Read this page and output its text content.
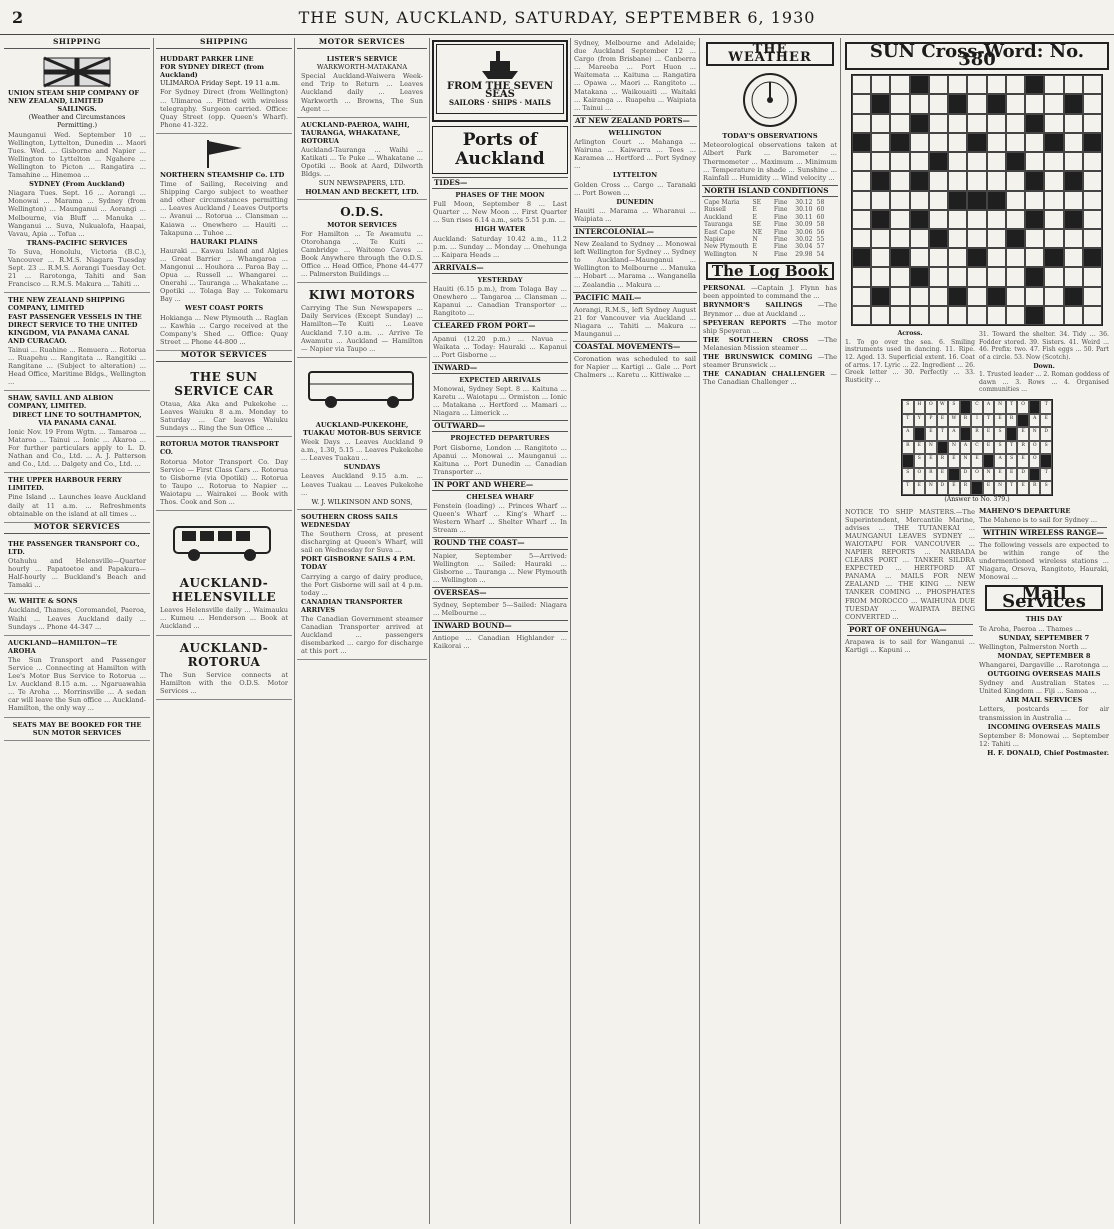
2	THE SUN, AUCKLAND, SATURDAY, SEPTEMBER 6, 1930
SHIPPING
UNION STEAM SHIP COMPANY OF NEW ZEALAND, LIMITED
SAILINGS.
(Weather and Circumstances Permitting.)

Maunganui Wed. September 10 ... Wellington, Lyttelton, Dunedin ... Maori Tues. Wed. ... Gisborne and Napier ... Wellington to Lyttelton ... Ngahere ... Wellington to Picton ... Rangatira ... Tamahine ... Hinemoa ...

SYDNEY (From Auckland)

Niagara Tues. Sept. 16 ... Aorangi ... Monowai ... Marama ... Sydney (from Wellington) ... Maunganui ... Aorangi ... Melbourne, via Bluff ... Manuka ... Wanganui ... Suva, Nukualofa, Haapai, Vavau, Apia ... Tofua ...

TRANS-PACIFIC SERVICES

To Suva, Honolulu, Victoria (B.C.), Vancouver ... R.M.S. Niagara Tuesday Sept. 23 ... R.M.S. Aorangi Tuesday Oct. 21 ... Rarotonga, Tahiti and San Francisco ... R.M.S. Makura ... Tahiti ...

THE NEW ZEALAND SHIPPING COMPANY, LIMITED
FAST PASSENGER VESSELS IN THE DIRECT SERVICE TO THE UNITED KINGDOM, VIA PANAMA CANAL AND CURACAO.

Tainui ... Ruahine ... Remuera ... Rotorua ... Ruapehu ... Rangitata ... Rangitiki ... Rangitane ... (Subject to alteration) ... Head Office, Maritime Bldgs., Wellington ...

SHAW, SAVILL AND ALBION COMPANY, LIMITED.
DIRECT LINE TO SOUTHAMPTON, VIA PANAMA CANAL

Ionic Nov. 19 From Wgtn. ... Tamaroa ... Mataroa ... Tainui ... Ionic ... Akaroa ... For further particulars apply to L. D. Nathan and Co., Ltd. ... A. J. Patterson and Co., Ltd. ... Dalgety and Co., Ltd. ...

THE UPPER HARBOUR FERRY LIMITED.

Pine Island ... Launches leave Auckland daily at 11 a.m. ... Refreshments obtainable on the island at all times ...

MOTOR SERVICES
THE PASSENGER TRANSPORT CO., LTD.

Otahuhu and Helensville—Quarter hourly ... Papatoetoe and Papakura—Half-hourly ... Buckland's Beach and Tamaki ...

W. WHITE & SONS

Auckland, Thames, Coromandel, Paeroa, Waihi ... Leaves Auckland daily ... Sundays ... Phone 44-347 ...

AUCKLAND—HAMILTON—TE AROHA

The Sun Transport and Passenger Service ... Connecting at Hamilton with Lee's Motor Bus Service to Rotorua ... Lv. Auckland 8.15 a.m. ... Ngaruawahia ... Te Aroha ... Morrinsville ... A sedan car will leave the Sun office ... Auckland-Hamilton, the only way ...

SEATS MAY BE BOOKED FOR THE SUN MOTOR SERVICES
SHIPPING
HUDDART PARKER LINE
FOR SYDNEY DIRECT (from Auckland)
ULIMAROA Friday Sept. 19 11 a.m.

For Sydney Direct (from Wellington) ... Ulimaroa ... Fitted with wireless telegraphy. Surgeon carried. Office: Quay Street (opp. Queen's Wharf). Phone 41-322.

NORTHERN STEAMSHIP Co. LTD

Time of Sailing, Receiving and Shipping Cargo subject to weather and other circumstances permitting ... Leaves Auckland / Leaves Outports ... Avanui ... Rotorua ... Clansman ... Kaiawa ... Onewhero ... Hauiti ... Takapuna ... Tuhoe ...

HAURAKI PLAINS

Hauraki ... Kawau Island and Algies ... Great Barrier ... Whangaroa ... Mangonui ... Houhora ... Paroa Bay ... Opua ... Russell ... Whangarei ... Onerahi ... Tauranga ... Whakatane ... Opotiki ... Tolaga Bay ... Tokomaru Bay ...

WEST COAST PORTS

Hokianga ... New Plymouth ... Raglan ... Kawhia ... Cargo received at the Company's Shed ... Office: Quay Street ... Phone 44-800 ...

MOTOR SERVICES
THE SUN SERVICE CAR

Otaua, Aka Aka and Pukekohe ... Leaves Waiuku 8 a.m. Monday to Saturday ... Car leaves Waiuku Sundays ... Ring the Sun Office ...

ROTORUA MOTOR TRANSPORT CO.

Rotorua Motor Transport Co. Day Service — First Class Cars ... Rotorua to Gisborne (via Opotiki) ... Rotorua to Taupo ... Rotorua to Napier ... Waiotapu ... Wairakei ... Book with Thos. Cook and Son ...

AUCKLAND-HELENSVILLE

Leaves Helensville daily ... Waimauku ... Kumeu ... Henderson ... Book at Auckland ...

AUCKLAND-ROTORUA

The Sun Service connects at Hamilton with the O.D.S. Motor Services ...

MOTOR SERVICES
LISTER'S SERVICE
WARKWORTH-MATAKANA

Special Auckland-Waiwera Week-end Trip to Return ... Leaves Auckland daily ... Leaves Warkworth ... Browns, The Sun Agent ...

AUCKLAND-PAEROA, WAIHI, TAURANGA, WHAKATANE, ROTORUA

Auckland-Tauranga ... Waihi ... Katikati ... Te Puke ... Whakatane ... Opotiki ... Book at Aard, Dilworth Bldgs. ...

SUN NEWSPAPERS, LTD.
HOLMAN AND BECKETT, LTD.
O.D.S.
MOTOR SERVICES

For Hamilton ... Te Awamutu ... Otorohanga ... Te Kuiti ... Cambridge ... Waitomo Caves ... Book Anywhere through the O.D.S. Office ... Head Office, Phone 44-477 ... Palmerston Buildings ...

KIWI MOTORS

Carrying The Sun Newspapers ... Daily Services (Except Sunday) ... Hamilton—Te Kuiti ... Leave Auckland 7.10 a.m. ... Arrive Te Awamutu ... Auckland — Hamilton — Napier via Taupo ...

AUCKLAND-PUKEKOHE, TUAKAU MOTOR-BUS SERVICE

Week Days ... Leaves Auckland 9 a.m., 1.30, 5.15 ... Leaves Pukekohe ... Leaves Tuakau ...

SUNDAYS

Leaves Auckland 9.15 a.m. ... Leaves Tuakau ... Leaves Pukekohe ...

W. J. WILKINSON AND SONS,
SOUTHERN CROSS SAILS WEDNESDAY

The Southern Cross, at present discharging at Queen's Wharf, will sail on Wednesday for Suva ...

PORT GISBORNE SAILS 4 P.M. TODAY

Carrying a cargo of dairy produce, the Port Gisborne will sail at 4 p.m. today ...

CANADIAN TRANSPORTER ARRIVES

The Canadian Government steamer Canadian Transporter arrived at Auckland ... passengers disembarked ... cargo for discharge at this port ...

FROM THE SEVEN SEAS
SAILORS · SHIPS · MAILS
Ports of
Auckland
TIDES—
PHASES OF THE MOON

Full Moon, September 8 ... Last Quarter ... New Moon ... First Quarter ... Sun rises 6.14 a.m., sets 5.51 p.m. ...

HIGH WATER

Auckland: Saturday 10.42 a.m., 11.2 p.m. ... Sunday ... Monday ... Onehunga ... Kaipara Heads ...

ARRIVALS—
YESTERDAY

Hauiti (6.15 p.m.), from Tolaga Bay ... Onewhero ... Tangaroa ... Clansman ... Kapanui ... Canadian Transporter ... Rangitoto ...

CLEARED FROM PORT—

Apanui (12.20 p.m.) ... Navua ... Waikata ... Today: Hauraki ... Kapanui ... Port Gisborne ...

INWARD—
EXPECTED ARRIVALS

Monowai, Sydney Sept. 8 ... Kaituna ... Karetu ... Waiotapu ... Ormiston ... Ionic ... Matakana ... Hertford ... Mamari ... Niagara ... Limerick ...

OUTWARD—
PROJECTED DEPARTURES

Port Gisborne, London ... Rangitoto ... Apanui ... Monowai ... Maunganui ... Kaituna ... Port Dunedin ... Canadian Transporter ...

IN PORT AND WHERE—
CHELSEA WHARF

Fenstein (loading) ... Princes Wharf ... Queen's Wharf ... King's Wharf ... Western Wharf ... Shelter Wharf ... In Stream ...

ROUND THE COAST—

Napier, September 5—Arrived: Wellington ... Sailed: Hauraki ... Gisborne ... Tauranga ... New Plymouth ... Wellington ...

OVERSEAS—

Sydney, September 5—Sailed: Niagara ... Melbourne ...

INWARD BOUND—

Antiope ... Canadian Highlander ... Kaikorai ...

Sydney, Melbourne and Adelaide; due Auckland September 12 ... Cargo (from Brisbane) ... Canberra ... Mareeba ... Port Huon ... Waitemata ... Kaituna ... Rangatira ... Opawa ... Maori ... Rangitoto ... Matakana ... Waikouaiti ... Waitaki ... Kairanga ... Ruapehu ... Waipiata ... Tainui ...

AT NEW ZEALAND PORTS—
WELLINGTON

Arlington Court ... Mahanga ... Wairuna ... Kaiwarra ... Tees ... Karamea ... Hertford ... Port Sydney ...

LYTTELTON

Golden Cross ... Cargo ... Taranaki ... Port Bowen ...

DUNEDIN

Hauiti ... Marama ... Wharanui ... Waipiata ...

INTERCOLONIAL—

New Zealand to Sydney ... Monowai left Wellington for Sydney ... Sydney to Auckland—Maunganui ... Wellington to Melbourne ... Manuka ... Hobart ... Marama ... Wanganella ... Zealandia ... Makura ...

PACIFIC MAIL—

Aorangi, R.M.S., left Sydney August 21 for Vancouver via Auckland ... Niagara ... Tahiti ... Makura ... Maunganui ...

COASTAL MOVEMENTS—

Coronation was scheduled to sail for Napier ... Kartigi ... Gale ... Port Chalmers ... Karetu ... Kittiwake ...

THE WEATHER
TODAY'S OBSERVATIONS

Meteorological observations taken at Albert Park ... Barometer ... Thermometer ... Maximum ... Minimum ... Temperature in shade ... Sunshine ... Rainfall ... Humidity ... Wind velocity ...

NORTH ISLAND CONDITIONS
Cape Maria	SE	Fine	30.12 58
Russell	E	Fine	30.10 60
Auckland	E	Fine	30.11 60
Tauranga	SE	Fine	30.09 58
East Cape	NE	Fine	30.06 56
Napier	N	Fine	30.02 55
New Plymouth E	Fine	30.04 57
Wellington	N	Fine	29.98 54
The Log Book

PERSONAL —Captain J. Flynn has been appointed to command the ...

BRYNMOR'S SAILINGS —The Brynmor ... due at Auckland ...

SPEYERAN REPORTS —The motor ship Speyeran ...

THE SOUTHERN CROSS —The Melanesian Mission steamer ...

THE BRUNSWICK COMING —The steamer Brunswick ...

THE CANADIAN CHALLENGER —The Canadian Challenger ...

SUN Cross-Word: No. 380
Across.

1. To go over the sea. 6. Smiling instruments used in dancing. 11. Ripe. 12. Aged. 13. Superficial extent. 16. Coat of arms. 17. Lyric ... 22. Ingredient ... 26. Greek letter ... 30. Perfectly ... 33. Rusticity ...

31. Toward the shelter. 34. Tidy ... 36. Fodder stored. 39. Sisters. 41. Weird ... 46. Prefix: two. 47. Fish eggs ... 50. Part of a circle. 53. Now (Scotch).

Down.

1. Trusted leader ... 2. Roman goddess of dawn ... 3. Rows ... 4. Organised communities ...

S	H	O	W	S	C	A	N	T	O	T
T	Y	P	E	W	R	I	T	E	R	A	E
A	E	T	A	R	E	S	E	N	D
R	E	N	N	A	C	E	S	T	R	O	S
S	E	R	E	N	E	A	S	E	O
S	O	R	E	D	O	N	E	E	D	T
T	E	N	D	E	R	E	N	T	E	R	S
(Answer to No. 379.)

NOTICE TO SHIP MASTERS.—The Superintendent, Mercantile Marine, advises ... THE TUTANEKAI ... MAUNGANUI LEAVES SYDNEY ... WAIOTAPU FOR VANCOUVER ... NAPIER REPORTS ... NARBADA CLEARS PORT ... TANKER SILDRA EXPECTED ... HERTFORD AT PANAMA ... MAILS FOR NEW ZEALAND ... THE KING ... NEW TANKER COMING ... PHOSPHATES FROM MOROCCO ... WAIHUNA DUE TUESDAY ... WAIPATA BEING CONVERTED ...

PORT OF ONEHUNGA—

Arapawa is to sail for Wanganui ... Kartigi ... Kapuni ...

MAHENO'S DEPARTURE

The Maheno is to sail for Sydney ...

WITHIN WIRELESS RANGE—

The following vessels are expected to be within range of the undermentioned wireless stations ... Niagara, Orsova, Rangitoto, Hauraki, Monowai ...

Mail Services
THIS DAY

Te Aroha, Paeroa ... Thames ...

SUNDAY, SEPTEMBER 7

Wellington, Palmerston North ...

MONDAY, SEPTEMBER 8

Whangarei, Dargaville ... Rarotonga ...

OUTGOING OVERSEAS MAILS

Sydney and Australian States ... United Kingdom ... Fiji ... Samoa ...

AIR MAIL SERVICES

Letters, postcards ... for air transmission in Australia ...

INCOMING OVERSEAS MAILS

September 8: Monowai ... September 12: Tahiti ...

H. F. DONALD, Chief Postmaster.
